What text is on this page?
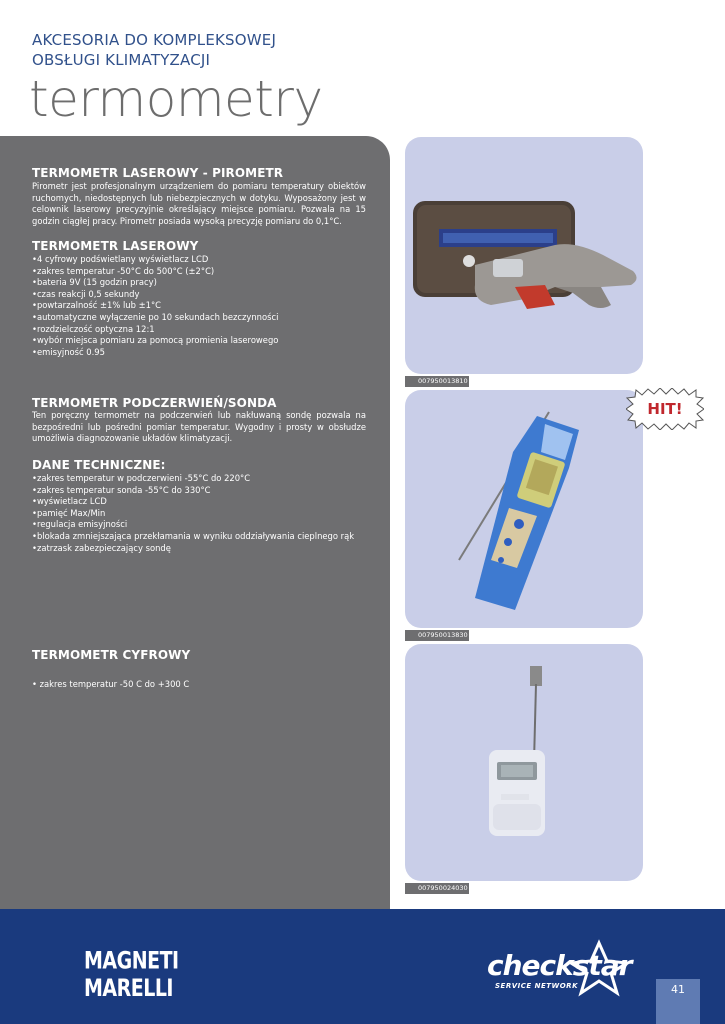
AKCESORIA DO KOMPLEKSOWEJ
OBSŁUGI KLIMATYZACJI
termometry
TERMOMETR LASEROWY - PIROMETR
Pirometr jest profesjonalnym urządzeniem do pomiaru temperatury obiektów ruchomych, niedostępnych lub niebezpiecznych w dotyku. Wyposażony jest w celownik laserowy precyzyjnie określający miejsce pomiaru. Pozwala na 15 godzin ciągłej pracy. Pirometr posiada wysoką precyzję pomiaru do 0,1°C.
TERMOMETR LASEROWY
• 4 cyfrowy podświetlany wyświetlacz LCD
• zakres temperatur -50°C do 500°C (±2°C)
• bateria 9V (15 godzin pracy)
• czas reakcji 0,5 sekundy
• powtarzalność ±1% lub ±1°C
• automatyczne wyłączenie po 10 sekundach bezczynności
• rozdzielczość optyczna 12:1
• wybór miejsca pomiaru za pomocą promienia laserowego
• emisyjność 0.95
TERMOMETR PODCZERWIEŃ/SONDA
Ten poręczny termometr na podczerwień lub nakłuwaną sondę pozwala na bezpośredni lub pośredni pomiar temperatur. Wygodny i prosty w obsłudze umożliwia diagnozowanie układów klimatyzacji.
DANE TECHNICZNE:
• zakres temperatur w podczerwieni -55°C do 220°C
• zakres temperatur sonda -55°C do 330°C
• wyświetlacz LCD
• pamięć Max/Min
• regulacja emisyjności
• blokada zmniejszająca przekłamania w wyniku oddziaływania cieplnego rąk
• zatrzask zabezpieczający sondę
TERMOMETR CYFROWY
• zakres temperatur -50 C do +300 C
007950013810
007950013830
007950024030
HIT!
MAGNETI MARELLI
checkstar
SERVICE NETWORK	41
